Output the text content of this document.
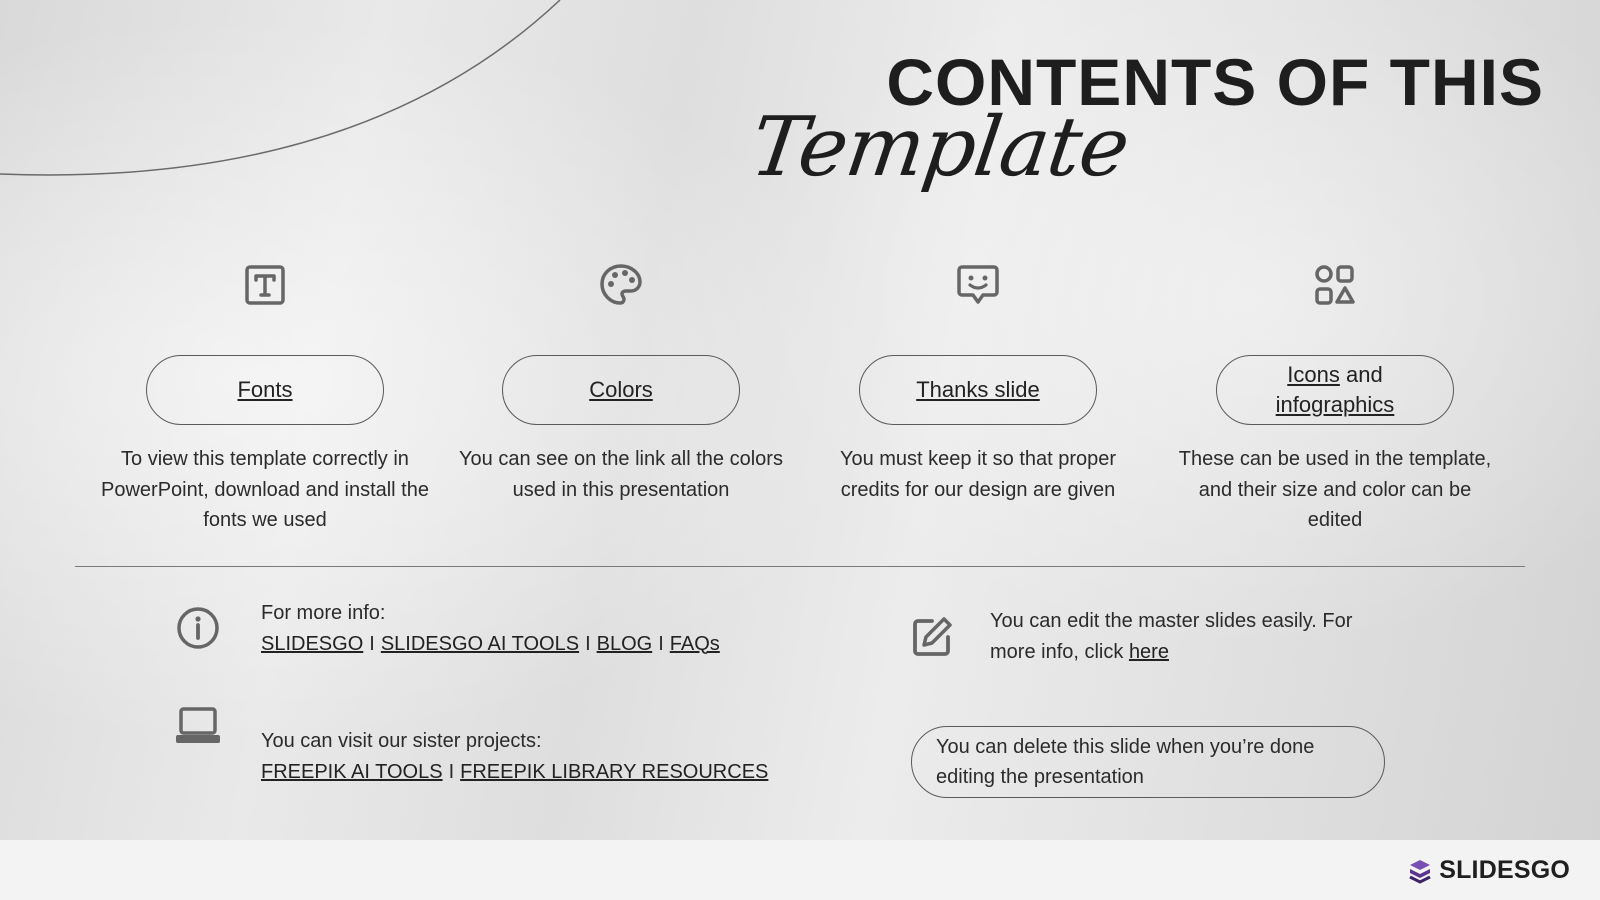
CONTENTS OF THIS
Template
Fonts

To view this template correctly in PowerPoint, download and install the fonts we used

Colors

You can see on the link all the colors used in this presentation

Thanks slide

You must keep it so that proper credits for our design are given

Icons and
infographics

These can be used in the template, and their size and color can be edited

For more info:
SLIDESGO I SLIDESGO AI TOOLS I BLOG I FAQs
You can visit our sister projects:
FREEPIK AI TOOLS I FREEPIK LIBRARY RESOURCES
You can edit the master slides easily. For
more info, click here
You can delete this slide when you’re done
editing the presentation
SLIDESGO
